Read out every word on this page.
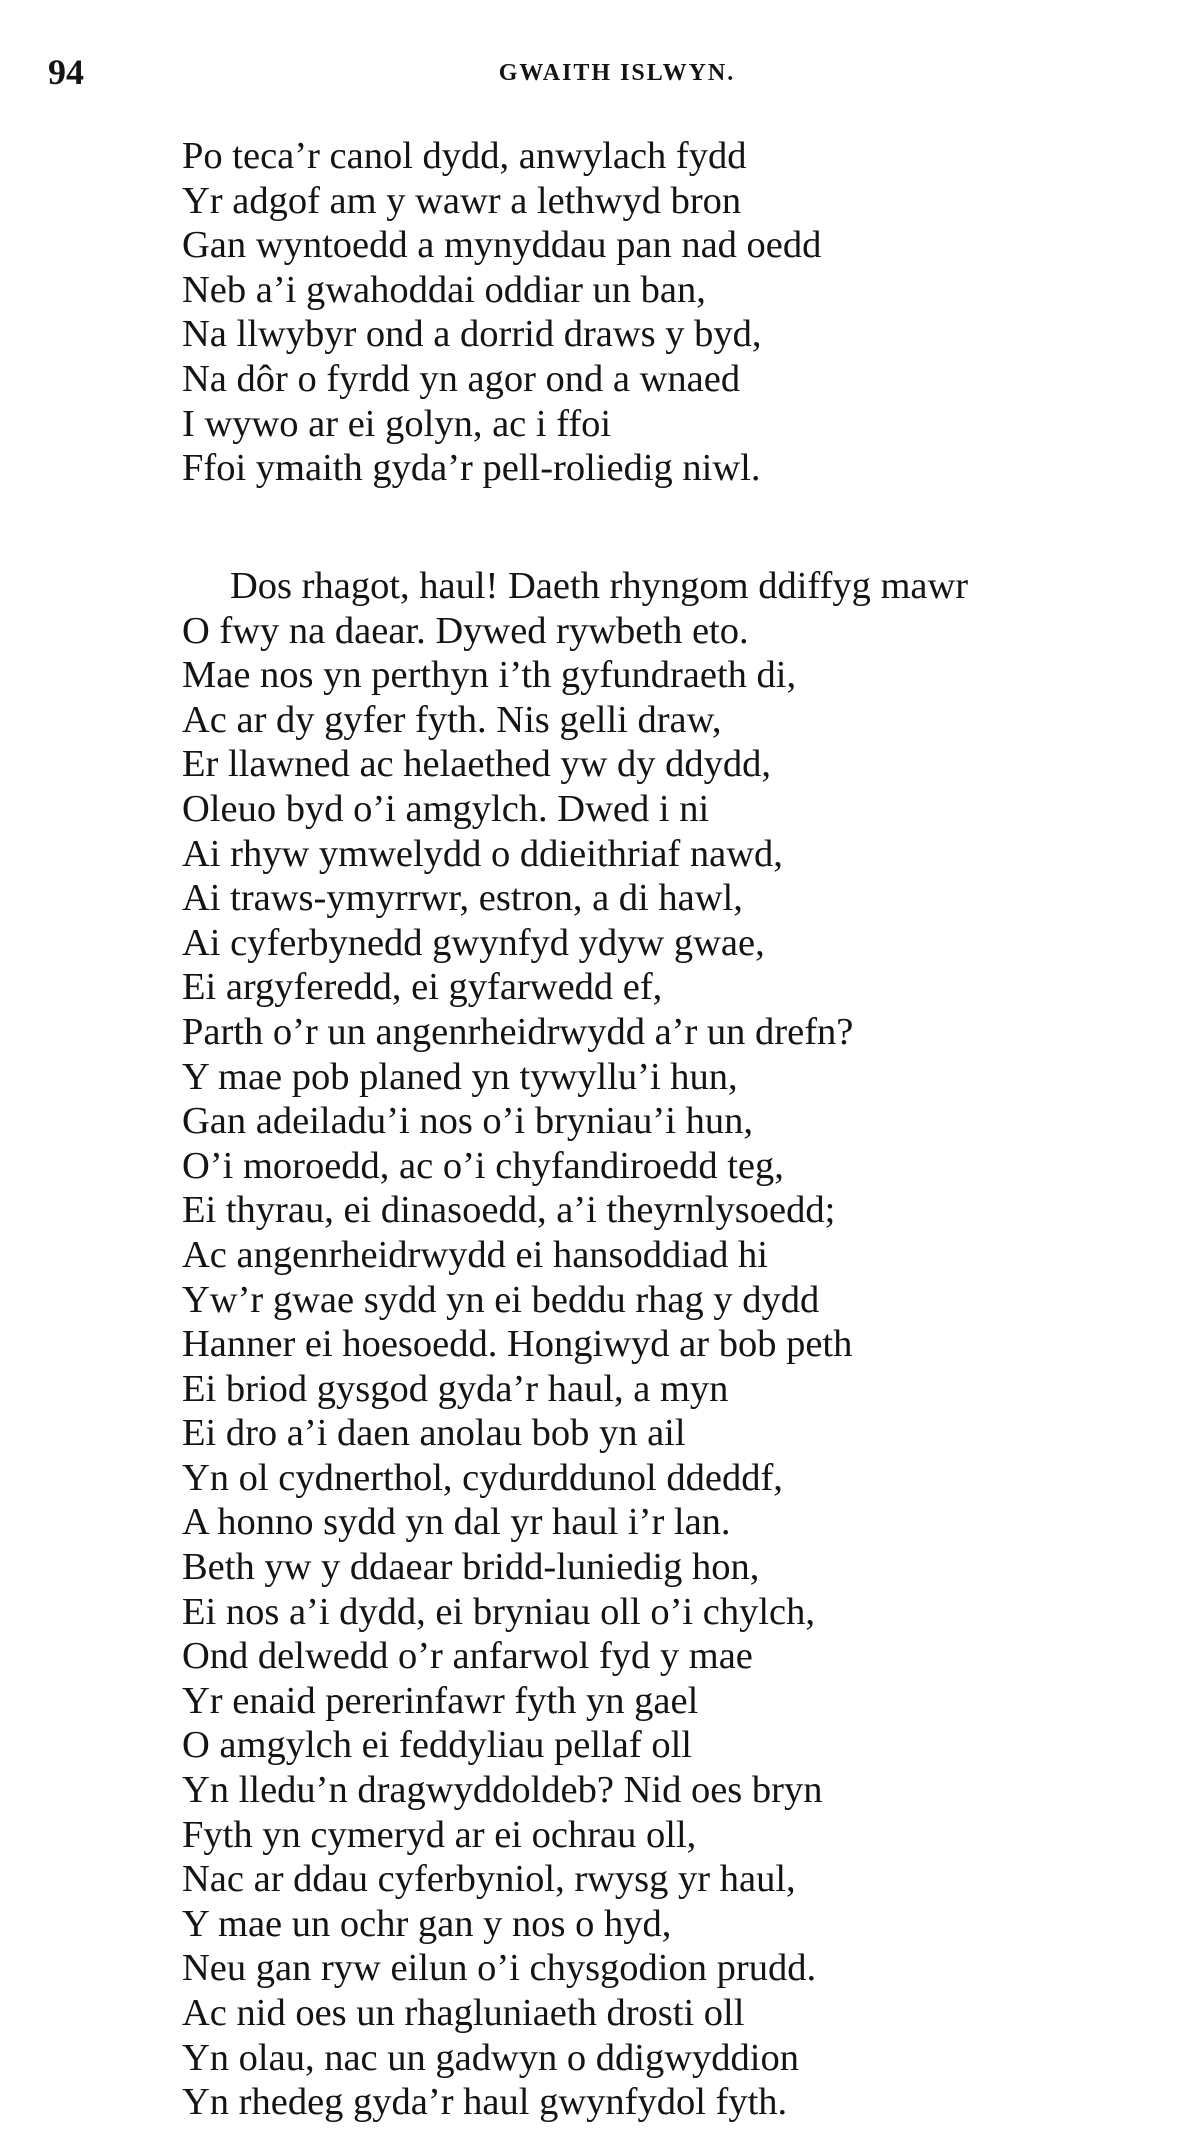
94	GWAITH ISLWYN.
Po teca’r canol dydd, anwylach fydd
Yr adgof am y wawr a lethwyd bron
Gan wyntoedd a mynyddau pan nad oedd
Neb a’i gwahoddai oddiar un ban,
Na llwybyr ond a dorrid draws y byd,
Na dôr o fyrdd yn agor ond a wnaed
I wywo ar ei golyn, ac i ffoi
Ffoi ymaith gyda’r pell-roliedig niwl.
Dos rhagot, haul! Daeth rhyngom ddiffyg mawr
O fwy na daear. Dywed rywbeth eto.
Mae nos yn perthyn i’th gyfundraeth di,
Ac ar dy gyfer fyth. Nis gelli draw,
Er llawned ac helaethed yw dy ddydd,
Oleuo byd o’i amgylch. Dwed i ni
Ai rhyw ymwelydd o ddieithriaf nawd,
Ai traws-ymyrrwr, estron, a di hawl,
Ai cyferbynedd gwynfyd ydyw gwae,
Ei argyferedd, ei gyfarwedd ef,
Parth o’r un angenrheidrwydd a’r un drefn?
Y mae pob planed yn tywyllu’i hun,
Gan adeiladu’i nos o’i bryniau’i hun,
O’i moroedd, ac o’i chyfandiroedd teg,
Ei thyrau, ei dinasoedd, a’i theyrnlysoedd;
Ac angenrheidrwydd ei hansoddiad hi
Yw’r gwae sydd yn ei beddu rhag y dydd
Hanner ei hoesoedd. Hongiwyd ar bob peth
Ei briod gysgod gyda’r haul, a myn
Ei dro a’i daen anolau bob yn ail
Yn ol cydnerthol, cydurddunol ddeddf,
A honno sydd yn dal yr haul i’r lan.
Beth yw y ddaear bridd-luniedig hon,
Ei nos a’i dydd, ei bryniau oll o’i chylch,
Ond delwedd o’r anfarwol fyd y mae
Yr enaid pererinfawr fyth yn gael
O amgylch ei feddyliau pellaf oll
Yn lledu’n dragwyddoldeb? Nid oes bryn
Fyth yn cymeryd ar ei ochrau oll,
Nac ar ddau cyferbyniol, rwysg yr haul,
Y mae un ochr gan y nos o hyd,
Neu gan ryw eilun o’i chysgodion prudd.
Ac nid oes un rhagluniaeth drosti oll
Yn olau, nac un gadwyn o ddigwyddion
Yn rhedeg gyda’r haul gwynfydol fyth.
